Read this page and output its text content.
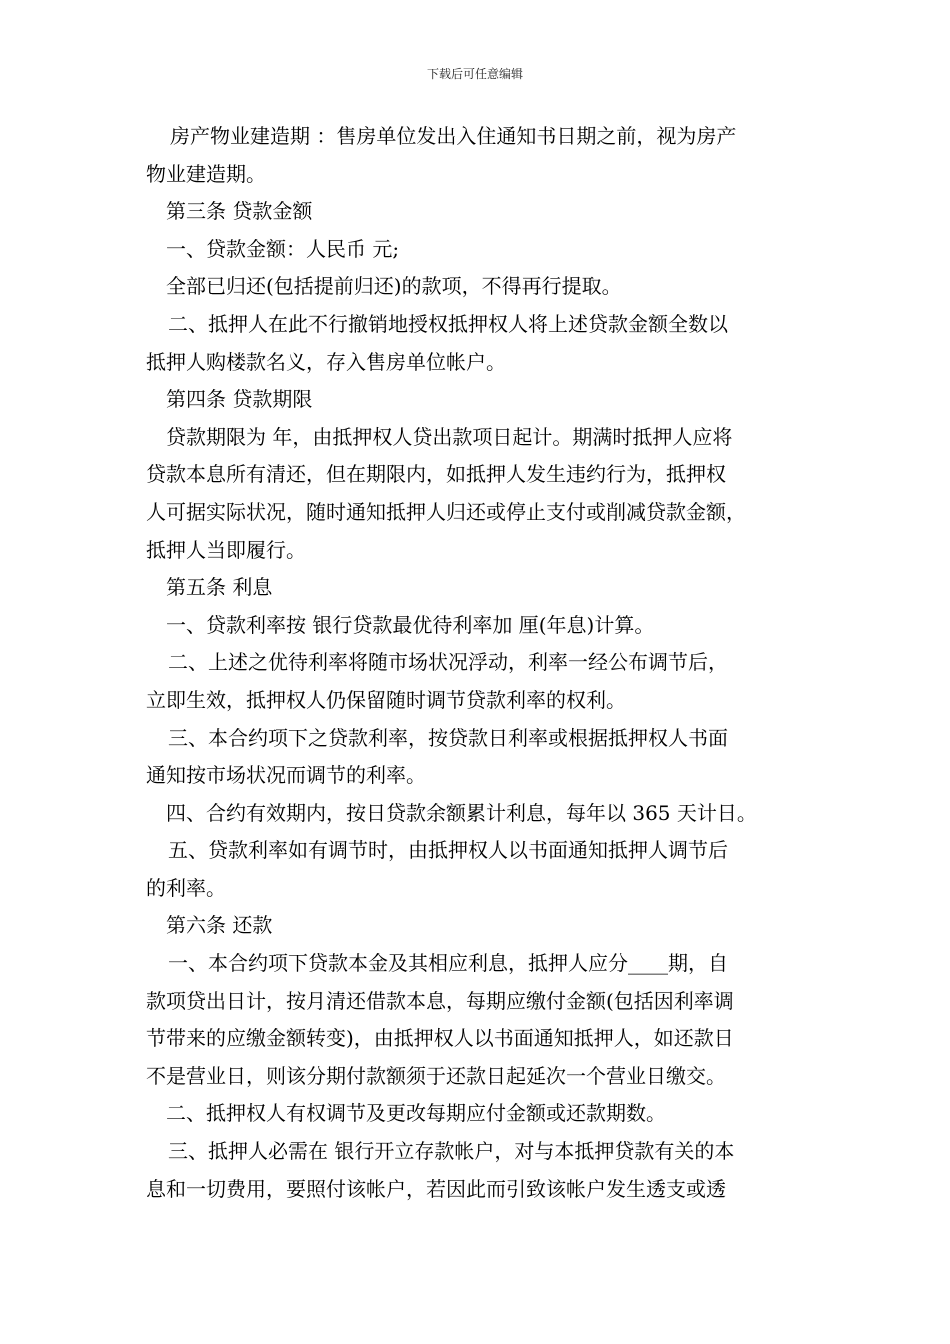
下载后可任意编辑
房产物业建造期 ：售房单位发出入住通知书日期之前，视为房产
物业建造期。
第三条 贷款金额
一、贷款金额：人民币 元;
全部已归还(包括提前归还)的款项，不得再行提取。
二、抵押人在此不行撤销地授权抵押权人将上述贷款金额全数以
抵押人购楼款名义，存入售房单位帐户。
第四条 贷款期限
贷款期限为 年，由抵押权人贷出款项日起计。期满时抵押人应将
贷款本息所有清还，但在期限内，如抵押人发生违约行为，抵押权
人可据实际状况，随时通知抵押人归还或停止支付或削减贷款金额，
抵押人当即履行。
第五条 利息
一、贷款利率按 银行贷款最优待利率加 厘(年息)计算。
二、上述之优待利率将随市场状况浮动，利率一经公布调节后，
立即生效，抵押权人仍保留随时调节贷款利率的权利。
三、本合约项下之贷款利率，按贷款日利率或根据抵押权人书面
通知按市场状况而调节的利率。
四、合约有效期内，按日贷款余额累计利息，每年以 365 天计日。
五、贷款利率如有调节时，由抵押权人以书面通知抵押人调节后
的利率。
第六条 还款
一、本合约项下贷款本金及其相应利息，抵押人应分____期，自
款项贷出日计，按月清还借款本息，每期应缴付金额(包括因利率调
节带来的应缴金额转变)，由抵押权人以书面通知抵押人，如还款日
不是营业日，则该分期付款额须于还款日起延次一个营业日缴交。
二、抵押权人有权调节及更改每期应付金额或还款期数。
三、抵押人必需在 银行开立存款帐户，对与本抵押贷款有关的本
息和一切费用，要照付该帐户，若因此而引致该帐户发生透支或透
